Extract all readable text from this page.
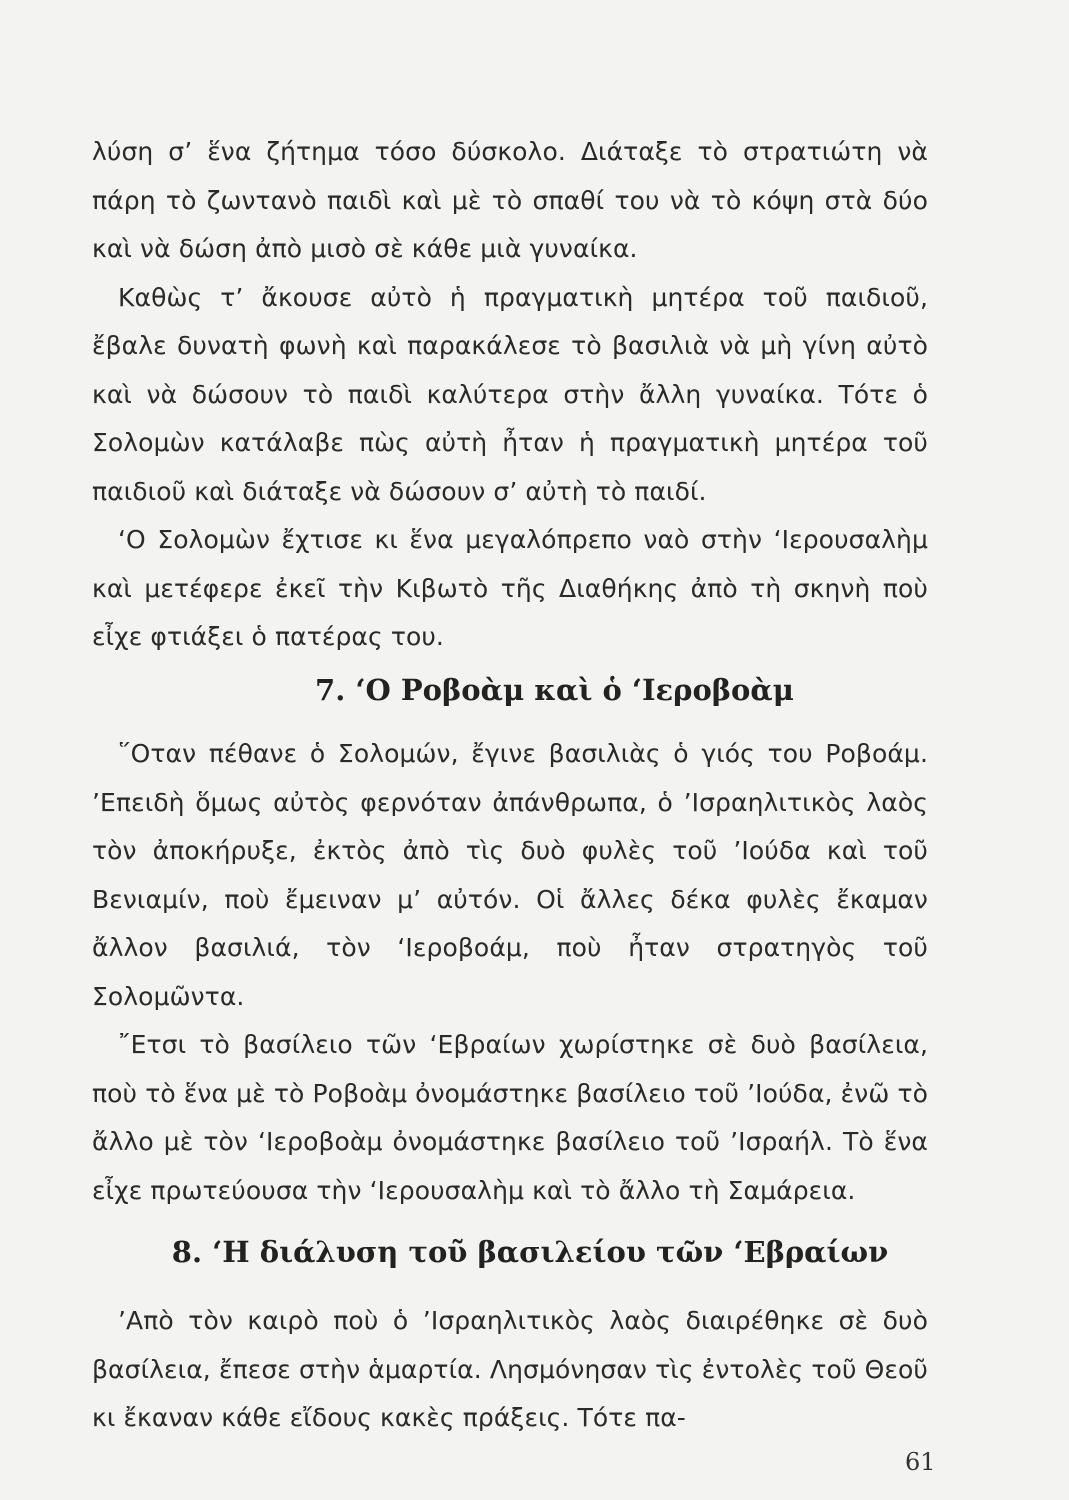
λύση σ’ ἕνα ζήτημα τόσο δύσκολο. Διάταξε τὸ στρατιώτη νὰ πάρη τὸ ζωντανὸ παιδὶ καὶ μὲ τὸ σπαθί του νὰ τὸ κόψη στὰ δύο καὶ νὰ δώση ἀπὸ μισὸ σὲ κάθε μιὰ γυναίκα.

Καθὼς τ’ ἄκουσε αὐτὸ ἡ πραγματικὴ μητέρα τοῦ παιδιοῦ, ἔβαλε δυνατὴ φωνὴ καὶ παρακάλεσε τὸ βασιλιὰ νὰ μὴ γίνη αὐτὸ καὶ νὰ δώσουν τὸ παιδὶ καλύτερα στὴν ἄλλη γυναίκα. Τότε ὁ Σολομὼν κατάλαβε πὼς αὐτὴ ἦταν ἡ πραγματικὴ μητέρα τοῦ παιδιοῦ καὶ διάταξε νὰ δώσουν σ’ αὐτὴ τὸ παιδί.

‘Ο Σολομὼν ἔχτισε κι ἕνα μεγαλόπρεπο ναὸ στὴν ‘Ιερουσαλὴμ καὶ μετέφερε ἐκεῖ τὴν Κιβωτὸ τῆς Διαθήκης ἀπὸ τὴ σκηνὴ ποὺ εἶχε φτιάξει ὁ πατέρας του.

7. ‘Ο Ροβοὰμ καὶ ὁ ‘Ιεροβοὰμ

῞Οταν πέθανε ὁ Σολομών, ἔγινε βασιλιὰς ὁ γιός του Ροβοάμ. ’Επειδὴ ὅμως αὐτὸς φερνόταν ἀπάνθρωπα, ὁ ’Ισραηλιτικὸς λαὸς τὸν ἀποκήρυξε, ἐκτὸς ἀπὸ τὶς δυὸ φυλὲς τοῦ ’Ιούδα καὶ τοῦ Βενιαμίν, ποὺ ἔμειναν μ’ αὐτόν. Οἱ ἄλλες δέκα φυλὲς ἔκαμαν ἄλλον βασιλιά, τὸν ‘Ιεροβοάμ, ποὺ ἦταν στρατηγὸς τοῦ Σολομῶντα.

῎Ετσι τὸ βασίλειο τῶν ‘Εβραίων χωρίστηκε σὲ δυὸ βασίλεια, ποὺ τὸ ἕνα μὲ τὸ Ροβοὰμ ὀνομάστηκε βασίλειο τοῦ ’Ιούδα, ἐνῶ τὸ ἄλλο μὲ τὸν ‘Ιεροβοὰμ ὀνομάστηκε βασίλειο τοῦ ’Ισραήλ. Τὸ ἕνα εἶχε πρωτεύουσα τὴν ‘Ιερουσαλὴμ καὶ τὸ ἄλλο τὴ Σαμάρεια.

8. ‘Η διάλυση τοῦ βασιλείου τῶν ‘Εβραίων

’Απὸ τὸν καιρὸ ποὺ ὁ ’Ισραηλιτικὸς λαὸς διαιρέθηκε σὲ δυὸ βασίλεια, ἔπεσε στὴν ἁμαρτία. Λησμόνησαν τὶς ἐντολὲς τοῦ Θεοῦ κι ἔκαναν κάθε εἴδους κακὲς πράξεις. Τότε πα-

61
